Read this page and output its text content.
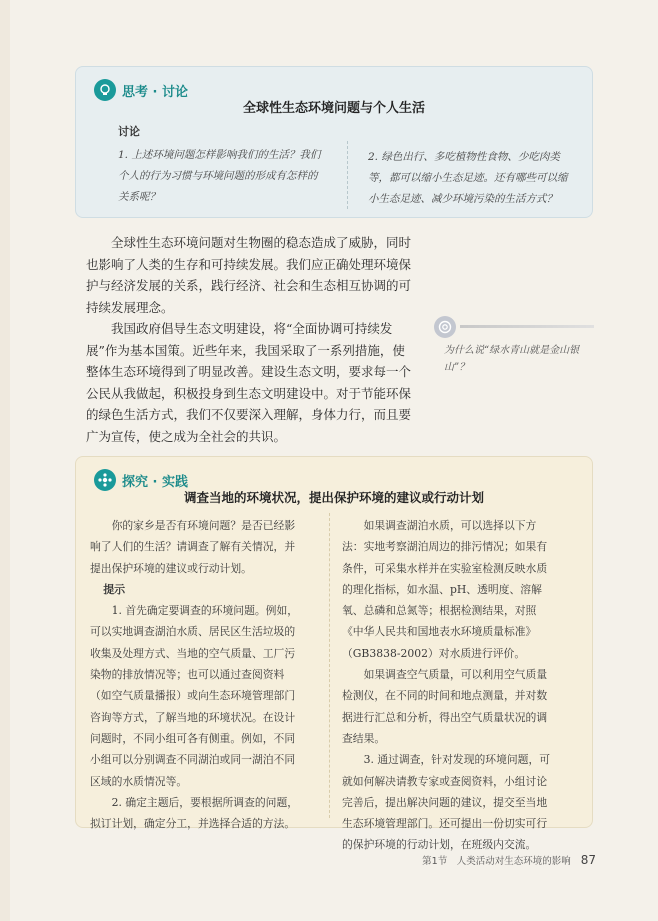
思考 · 讨论
全球性生态环境问题与个人生活
讨论
1. 上述环境问题怎样影响我们的生活？我们个人的行为习惯与环境问题的形成有怎样的关系呢？
2. 绿色出行、多吃植物性食物、少吃肉类等，都可以缩小生态足迹。还有哪些可以缩小生态足迹、减少环境污染的生活方式？

全球性生态环境问题对生物圈的稳态造成了威胁，同时也影响了人类的生存和可持续发展。我们应正确处理环境保护与经济发展的关系，践行经济、社会和生态相互协调的可持续发展理念。

我国政府倡导生态文明建设，将“全面协调可持续发展”作为基本国策。近些年来，我国采取了一系列措施，使整体生态环境得到了明显改善。建设生态文明，要求每一个公民从我做起，积极投身到生态文明建设中。对于节能环保的绿色生活方式，我们不仅要深入理解，身体力行，而且要广为宣传，使之成为全社会的共识。

为什么说“绿水青山就是金山银山”？
探究 · 实践
调查当地的环境状况，提出保护环境的建议或行动计划

你的家乡是否有环境问题？是否已经影响了人们的生活？请调查了解有关情况，并提出保护环境的建议或行动计划。

提示

1. 首先确定要调查的环境问题。例如，可以实地调查湖泊水质、居民区生活垃圾的收集及处理方式、当地的空气质量、工厂污染物的排放情况等；也可以通过查阅资料（如空气质量播报）或向生态环境管理部门咨询等方式，了解当地的环境状况。在设计问题时，不同小组可各有侧重。例如，不同小组可以分别调查不同湖泊或同一湖泊不同区域的水质情况等。

2. 确定主题后，要根据所调查的问题，拟订计划，确定分工，并选择合适的方法。

如果调查湖泊水质，可以选择以下方法：实地考察湖泊周边的排污情况；如果有条件，可采集水样并在实验室检测反映水质的理化指标，如水温、pH、透明度、溶解氧、总磷和总氮等；根据检测结果，对照《中华人民共和国地表水环境质量标准》（GB3838-2002）对水质进行评价。

如果调查空气质量，可以利用空气质量检测仪，在不同的时间和地点测量，并对数据进行汇总和分析，得出空气质量状况的调查结果。

3. 通过调查，针对发现的环境问题，可就如何解决请教专家或查阅资料，小组讨论完善后，提出解决问题的建议，提交至当地生态环境管理部门。还可提出一份切实可行的保护环境的行动计划，在班级内交流。

第1节　人类活动对生态环境的影响 87
